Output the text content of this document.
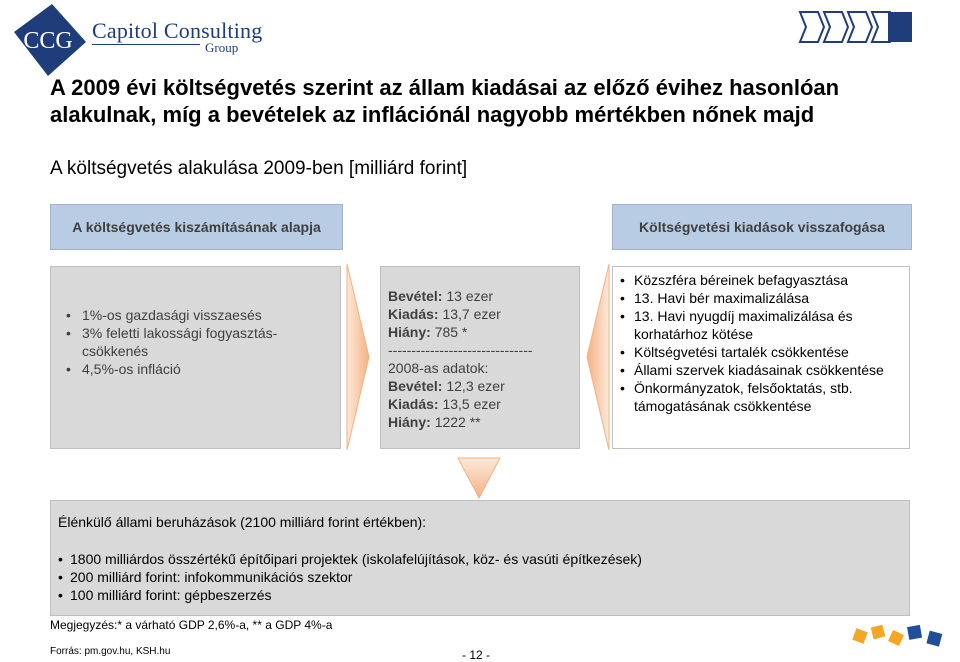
CCG Capitol Consulting
Group
A 2009 évi költségvetés szerint az állam kiadásai az előző évihez hasonlóan alakulnak, míg a bevételek az inflációnál nagyobb mértékben nőnek majd
A költségvetés alakulása 2009-ben [milliárd forint]
A költségvetés kiszámításának alapja	Költségvetési kiadások visszafogása
• 1%-os gazdasági visszaesés
• 3% feletti lakossági fogyasztás-csökkenés
• 4,5%-os infláció
Bevétel: 13 ezer
Kiadás: 13,7 ezer
Hiány: 785 *
-------------------------------
2008-as adatok:
Bevétel: 12,3 ezer
Kiadás: 13,5 ezer
Hiány: 1222 **
• Közszféra béreinek befagyasztása
• 13. Havi bér maximalizálása
• 13. Havi nyugdíj maximalizálása és korhatárhoz kötése
• Költségvetési tartalék csökkentése
• Állami szervek kiadásainak csökkentése
• Önkormányzatok, felsőoktatás, stb. támogatásának csökkentése
Élénkülő állami beruházások (2100 milliárd forint értékben):
• 1800 milliárdos összértékű építőipari projektek (iskolafelújítások, köz- és vasúti építkezések)
• 200 milliárd forint: infokommunikációs szektor
• 100 milliárd forint: gépbeszerzés
Megjegyzés:* a várható GDP 2,6%-a, ** a GDP 4%-a
Forrás: pm.gov.hu, KSH.hu	- 12 -
